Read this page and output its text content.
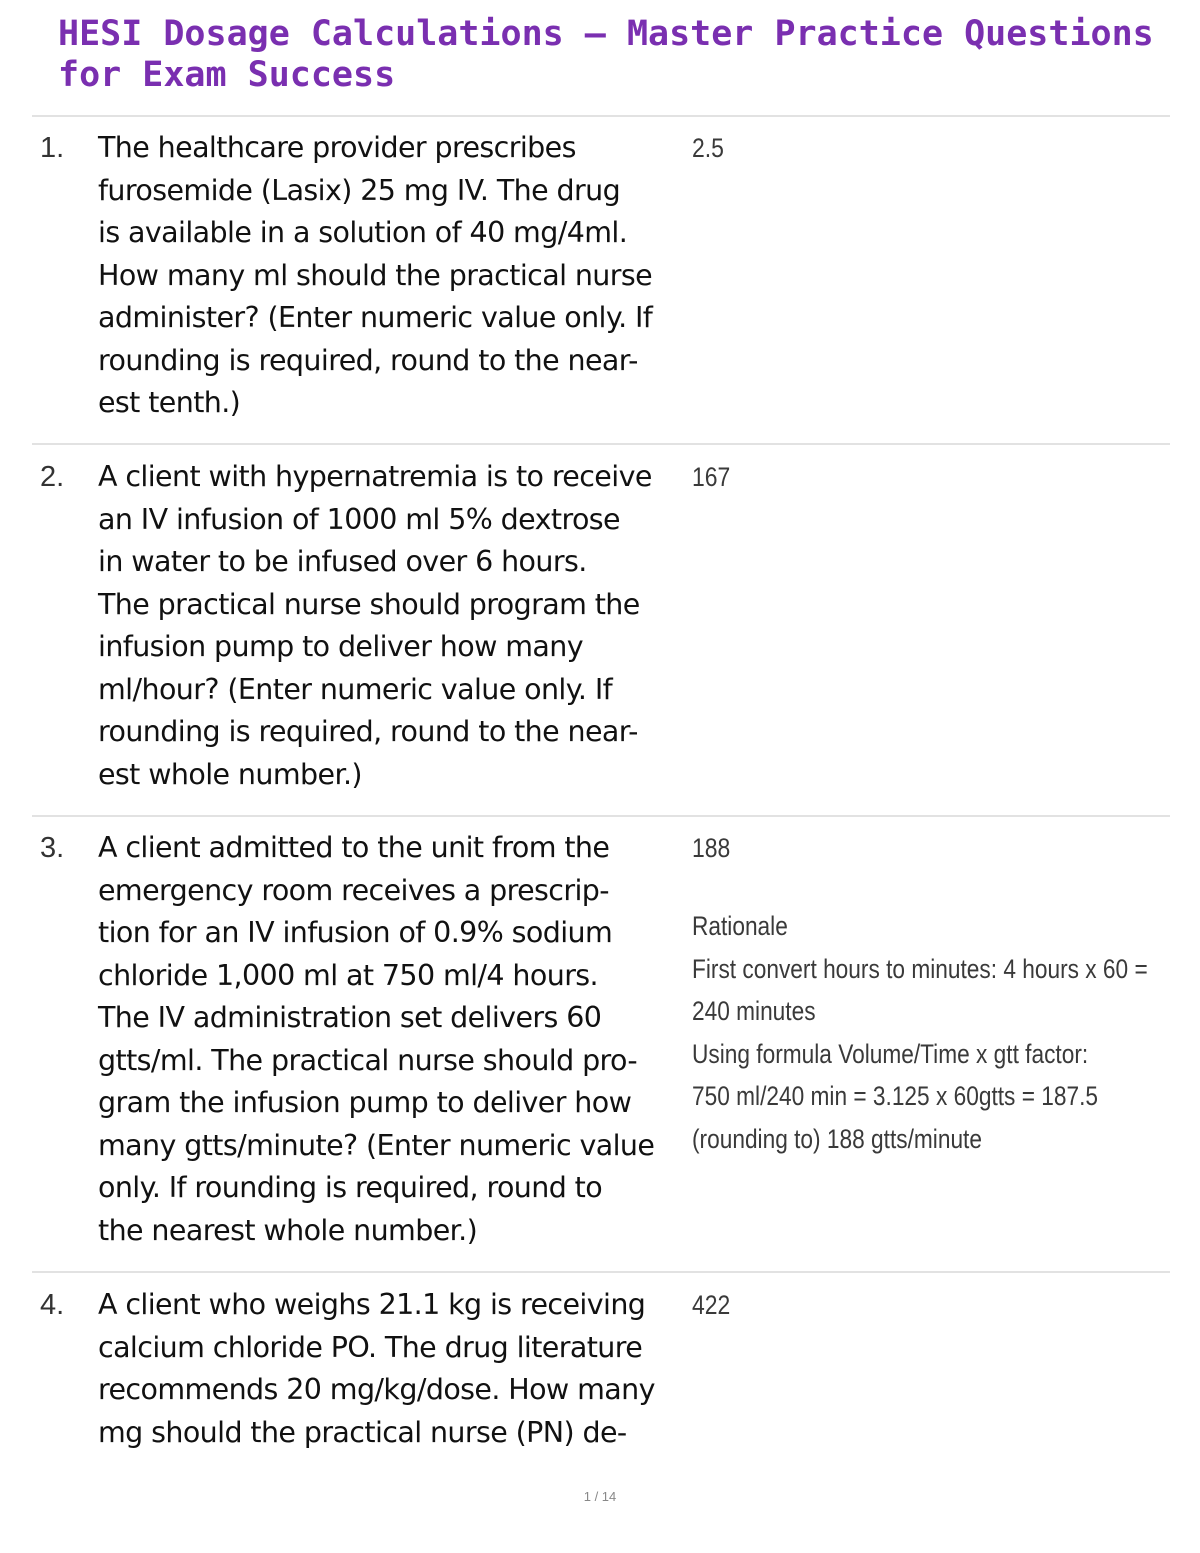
HESI Dosage Calculations – Master Practice Questions for Exam Success
1. The healthcare provider prescribes
furosemide (Lasix) 25 mg IV. The drug
is available in a solution of 40 mg/4ml.
How many ml should the practical nurse
administer? (Enter numeric value only. If
rounding is required, round to the near-
est tenth.)

2.5
2. A client with hypernatremia is to receive
an IV infusion of 1000 ml 5% dextrose
in water to be infused over 6 hours.
The practical nurse should program the
infusion pump to deliver how many
ml/hour? (Enter numeric value only. If
rounding is required, round to the near-
est whole number.)

167
3. A client admitted to the unit from the
emergency room receives a prescrip-
tion for an IV infusion of 0.9% sodium
chloride 1,000 ml at 750 ml/4 hours.
The IV administration set delivers 60
gtts/ml. The practical nurse should pro-
gram the infusion pump to deliver how
many gtts/minute? (Enter numeric value
only. If rounding is required, round to
the nearest whole number.)

188
Rationale
First convert hours to minutes: 4 hours x 60 =
240 minutes
Using formula Volume/Time x gtt factor:
750 ml/240 min = 3.125 x 60gtts = 187.5
(rounding to) 188 gtts/minute
4. A client who weighs 21.1 kg is receiving
calcium chloride PO. The drug literature
recommends 20 mg/kg/dose. How many
mg should the practical nurse (PN) de-

422
1 / 14
